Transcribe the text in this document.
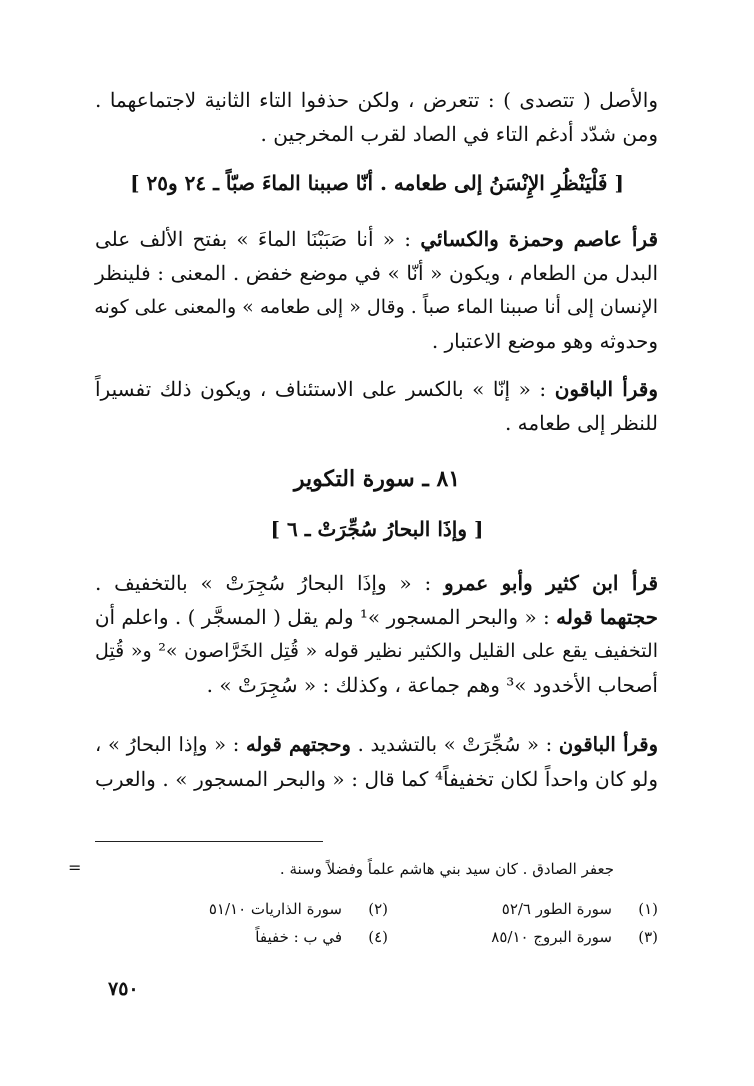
والأصل ( تتصدى ) : تتعرض ، ولكن حذفوا التاء الثانية لاجتماعهما .
ومن شدّد أدغم التاء في الصاد لقرب المخرجين .
[ فَلْيَنْظُرِ الإِنْسَنُ إلى طعامه . أنّا صببنا الماءَ صبّاً ـ ٢٤ و٢٥ ]
قرأ عاصم وحمزة والكسائي : « أنا صَبَبْنَا الماءَ » بفتح الألف على
البدل من الطعام ، ويكون « أنّا » في موضع خفض . المعنى : فلينظر
الإنسان إلى أنا صببنا الماء صباً . وقال « إلى طعامه » والمعنى على كونه
وحدوثه وهو موضع الاعتبار .
وقرأ الباقون : « إنّا » بالكسر على الاستئناف ، ويكون ذلك تفسيراً
للنظر إلى طعامه .
٨١ ـ سورة التكوير
[ وإذَا البحارُ سُجِّرَتْ ـ ٦ ]
قرأ ابن كثير وأبو عمرو : « وإذَا البحارُ سُجِرَتْ » بالتخفيف .
حجتهما قوله : « والبحر المسجور »¹ ولم يقل ( المسجَّر ) . واعلم أن
التخفيف يقع على القليل والكثير نظير قوله « قُتِل الخَرَّاصون »² و« قُتِل
أصحاب الأخدود »³ وهم جماعة ، وكذلك : « سُجِرَتْ » .
وقرأ الباقون : « سُجِّرَتْ » بالتشديد . وحجتهم قوله : « وإذا البحارُ » ،
ولو كان واحداً لكان تخفيفاً⁴ كما قال : « والبحر المسجور » . والعرب
=	جعفر الصادق . كان سيد بني هاشم علماً وفضلاً وسنة .
(١)
سورة الطور ٥٢/٦
(٢)
سورة الذاريات ٥١/١٠
(٣)
سورة البروج ٨٥/١٠
(٤)
في ب : خفيفاً
٧٥٠
